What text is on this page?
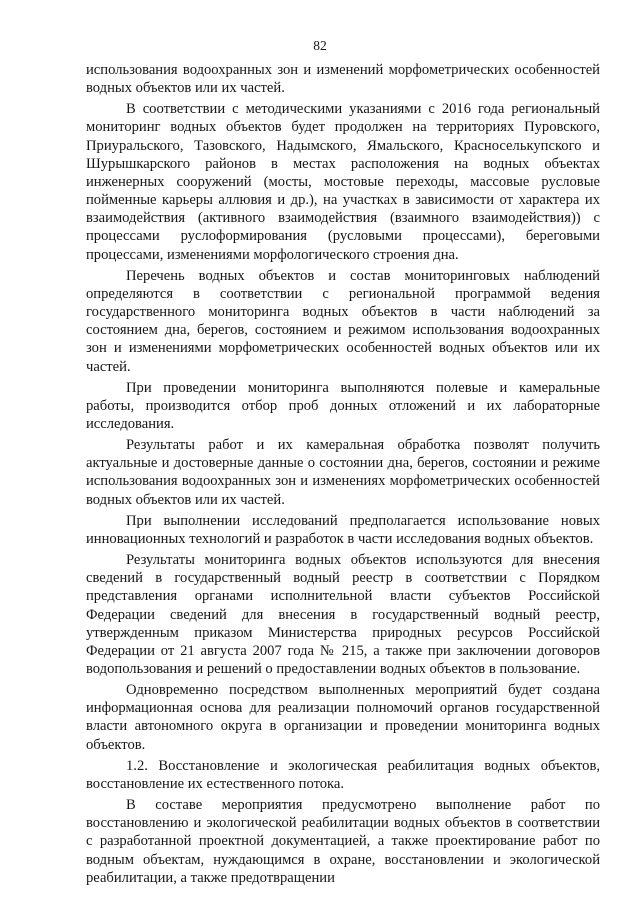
82

использования водоохранных зон и изменений морфометрических особенностей водных объектов или их частей.

В соответствии с методическими указаниями с 2016 года региональный мониторинг водных объектов будет продолжен на территориях Пуровского, Приуральского, Тазовского, Надымского, Ямальского, Красноселькупского и Шурышкарского районов в местах расположения на водных объектах инженерных сооружений (мосты, мостовые переходы, массовые русловые пойменные карьеры аллювия и др.), на участках в зависимости от характера их взаимодействия (активного взаимодействия (взаимного взаимодействия)) с процессами руслоформирования (русловыми процессами), береговыми процессами, изменениями морфологического строения дна.

Перечень водных объектов и состав мониторинговых наблюдений определяются в соответствии с региональной программой ведения государственного мониторинга водных объектов в части наблюдений за состоянием дна, берегов, состоянием и режимом использования водоохранных зон и изменениями морфометрических особенностей водных объектов или их частей.

При проведении мониторинга выполняются полевые и камеральные работы, производится отбор проб донных отложений и их лабораторные исследования.

Результаты работ и их камеральная обработка позволят получить актуальные и достоверные данные о состоянии дна, берегов, состоянии и режиме использования водоохранных зон и изменениях морфометрических особенностей водных объектов или их частей.

При выполнении исследований предполагается использование новых инновационных технологий и разработок в части исследования водных объектов.

Результаты мониторинга водных объектов используются для внесения сведений в государственный водный реестр в соответствии с Порядком представления органами исполнительной власти субъектов Российской Федерации сведений для внесения в государственный водный реестр, утвержденным приказом Министерства природных ресурсов Российской Федерации от 21 августа 2007 года № 215, а также при заключении договоров водопользования и решений о предоставлении водных объектов в пользование.

Одновременно посредством выполненных мероприятий будет создана информационная основа для реализации полномочий органов государственной власти автономного округа в организации и проведении мониторинга водных объектов.

1.2. Восстановление и экологическая реабилитация водных объектов, восстановление их естественного потока.

В составе мероприятия предусмотрено выполнение работ по восстановлению и экологической реабилитации водных объектов в соответствии с разработанной проектной документацией, а также проектирование работ по водным объектам, нуждающимся в охране, восстановлении и экологической реабилитации, а также предотвращении
